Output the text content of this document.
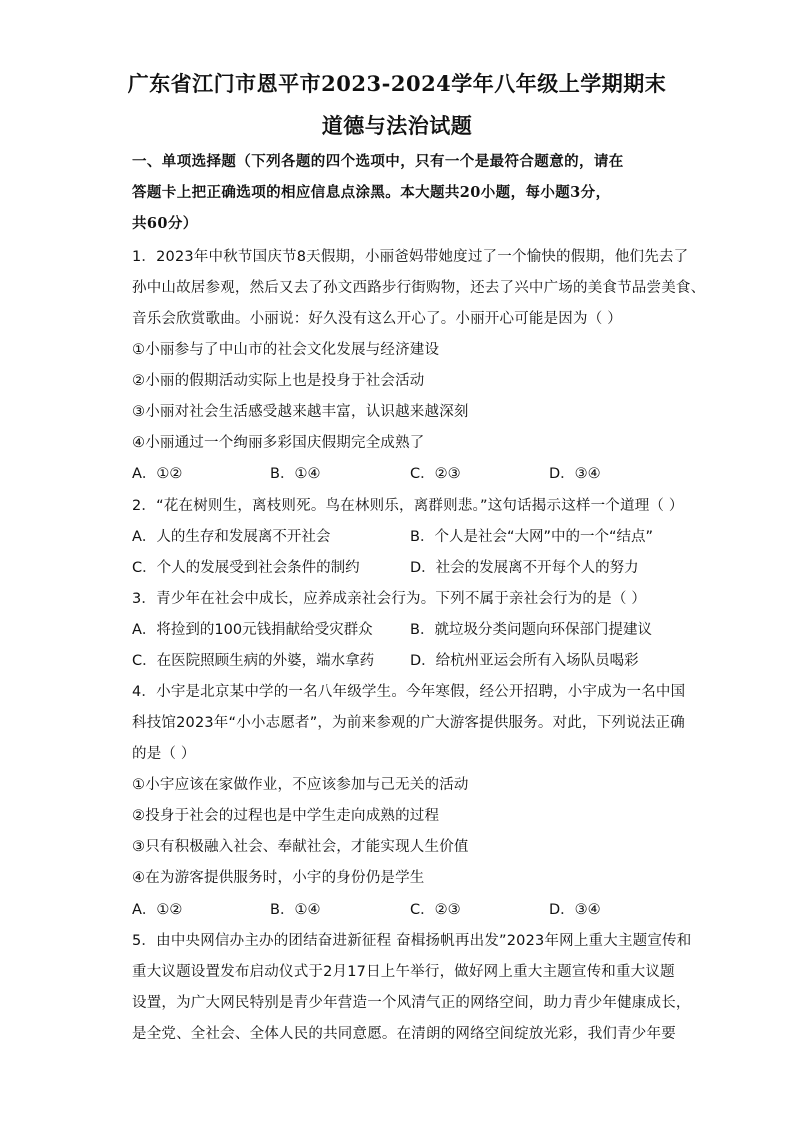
广东省江门市恩平市2023-2024学年八年级上学期期末
道德与法治试题
一、单项选择题（下列各题的四个选项中，只有一个是最符合题意的，请在
答题卡上把正确选项的相应信息点涂黑。本大题共20小题，每小题3分，
共60分）
1．2023年中秋节国庆节8天假期，小丽爸妈带她度过了一个愉快的假期，他们先去了
孙中山故居参观，然后又去了孙文西路步行街购物，还去了兴中广场的美食节品尝美食、
音乐会欣赏歌曲。小丽说：好久没有这么开心了。小丽开心可能是因为（ ）
①小丽参与了中山市的社会文化发展与经济建设
②小丽的假期活动实际上也是投身于社会活动
③小丽对社会生活感受越来越丰富，认识越来越深刻
④小丽通过一个绚丽多彩国庆假期完全成熟了
A．①②	B．①④	C．②③	D．③④
2．“花在树则生，离枝则死。鸟在林则乐，离群则悲。”这句话揭示这样一个道理（ ）
A．人的生存和发展离不开社会	B．个人是社会“大网”中的一个“结点”
C．个人的发展受到社会条件的制约	D．社会的发展离不开每个人的努力
3．青少年在社会中成长，应养成亲社会行为。下列不属于亲社会行为的是（ ）
A．将捡到的100元钱捐献给受灾群众	B．就垃圾分类问题向环保部门提建议
C．在医院照顾生病的外婆，端水拿药 D．给杭州亚运会所有入场队员喝彩
4．小宇是北京某中学的一名八年级学生。今年寒假，经公开招聘，小宇成为一名中国
科技馆2023年“小小志愿者”，为前来参观的广大游客提供服务。对此，下列说法正确
的是（ ）
①小宇应该在家做作业，不应该参加与己无关的活动
②投身于社会的过程也是中学生走向成熟的过程
③只有积极融入社会、奉献社会，才能实现人生价值
④在为游客提供服务时，小宇的身份仍是学生
A．①②	B．①④	C．②③	D．③④
5．由中央网信办主办的团结奋进新征程 奋楫扬帆再出发”2023年网上重大主题宣传和
重大议题设置发布启动仪式于2月17日上午举行，做好网上重大主题宣传和重大议题
设置，为广大网民特别是青少年营造一个风清气正的网络空间，助力青少年健康成长，
是全党、全社会、全体人民的共同意愿。在清朗的网络空间绽放光彩，我们青少年要
